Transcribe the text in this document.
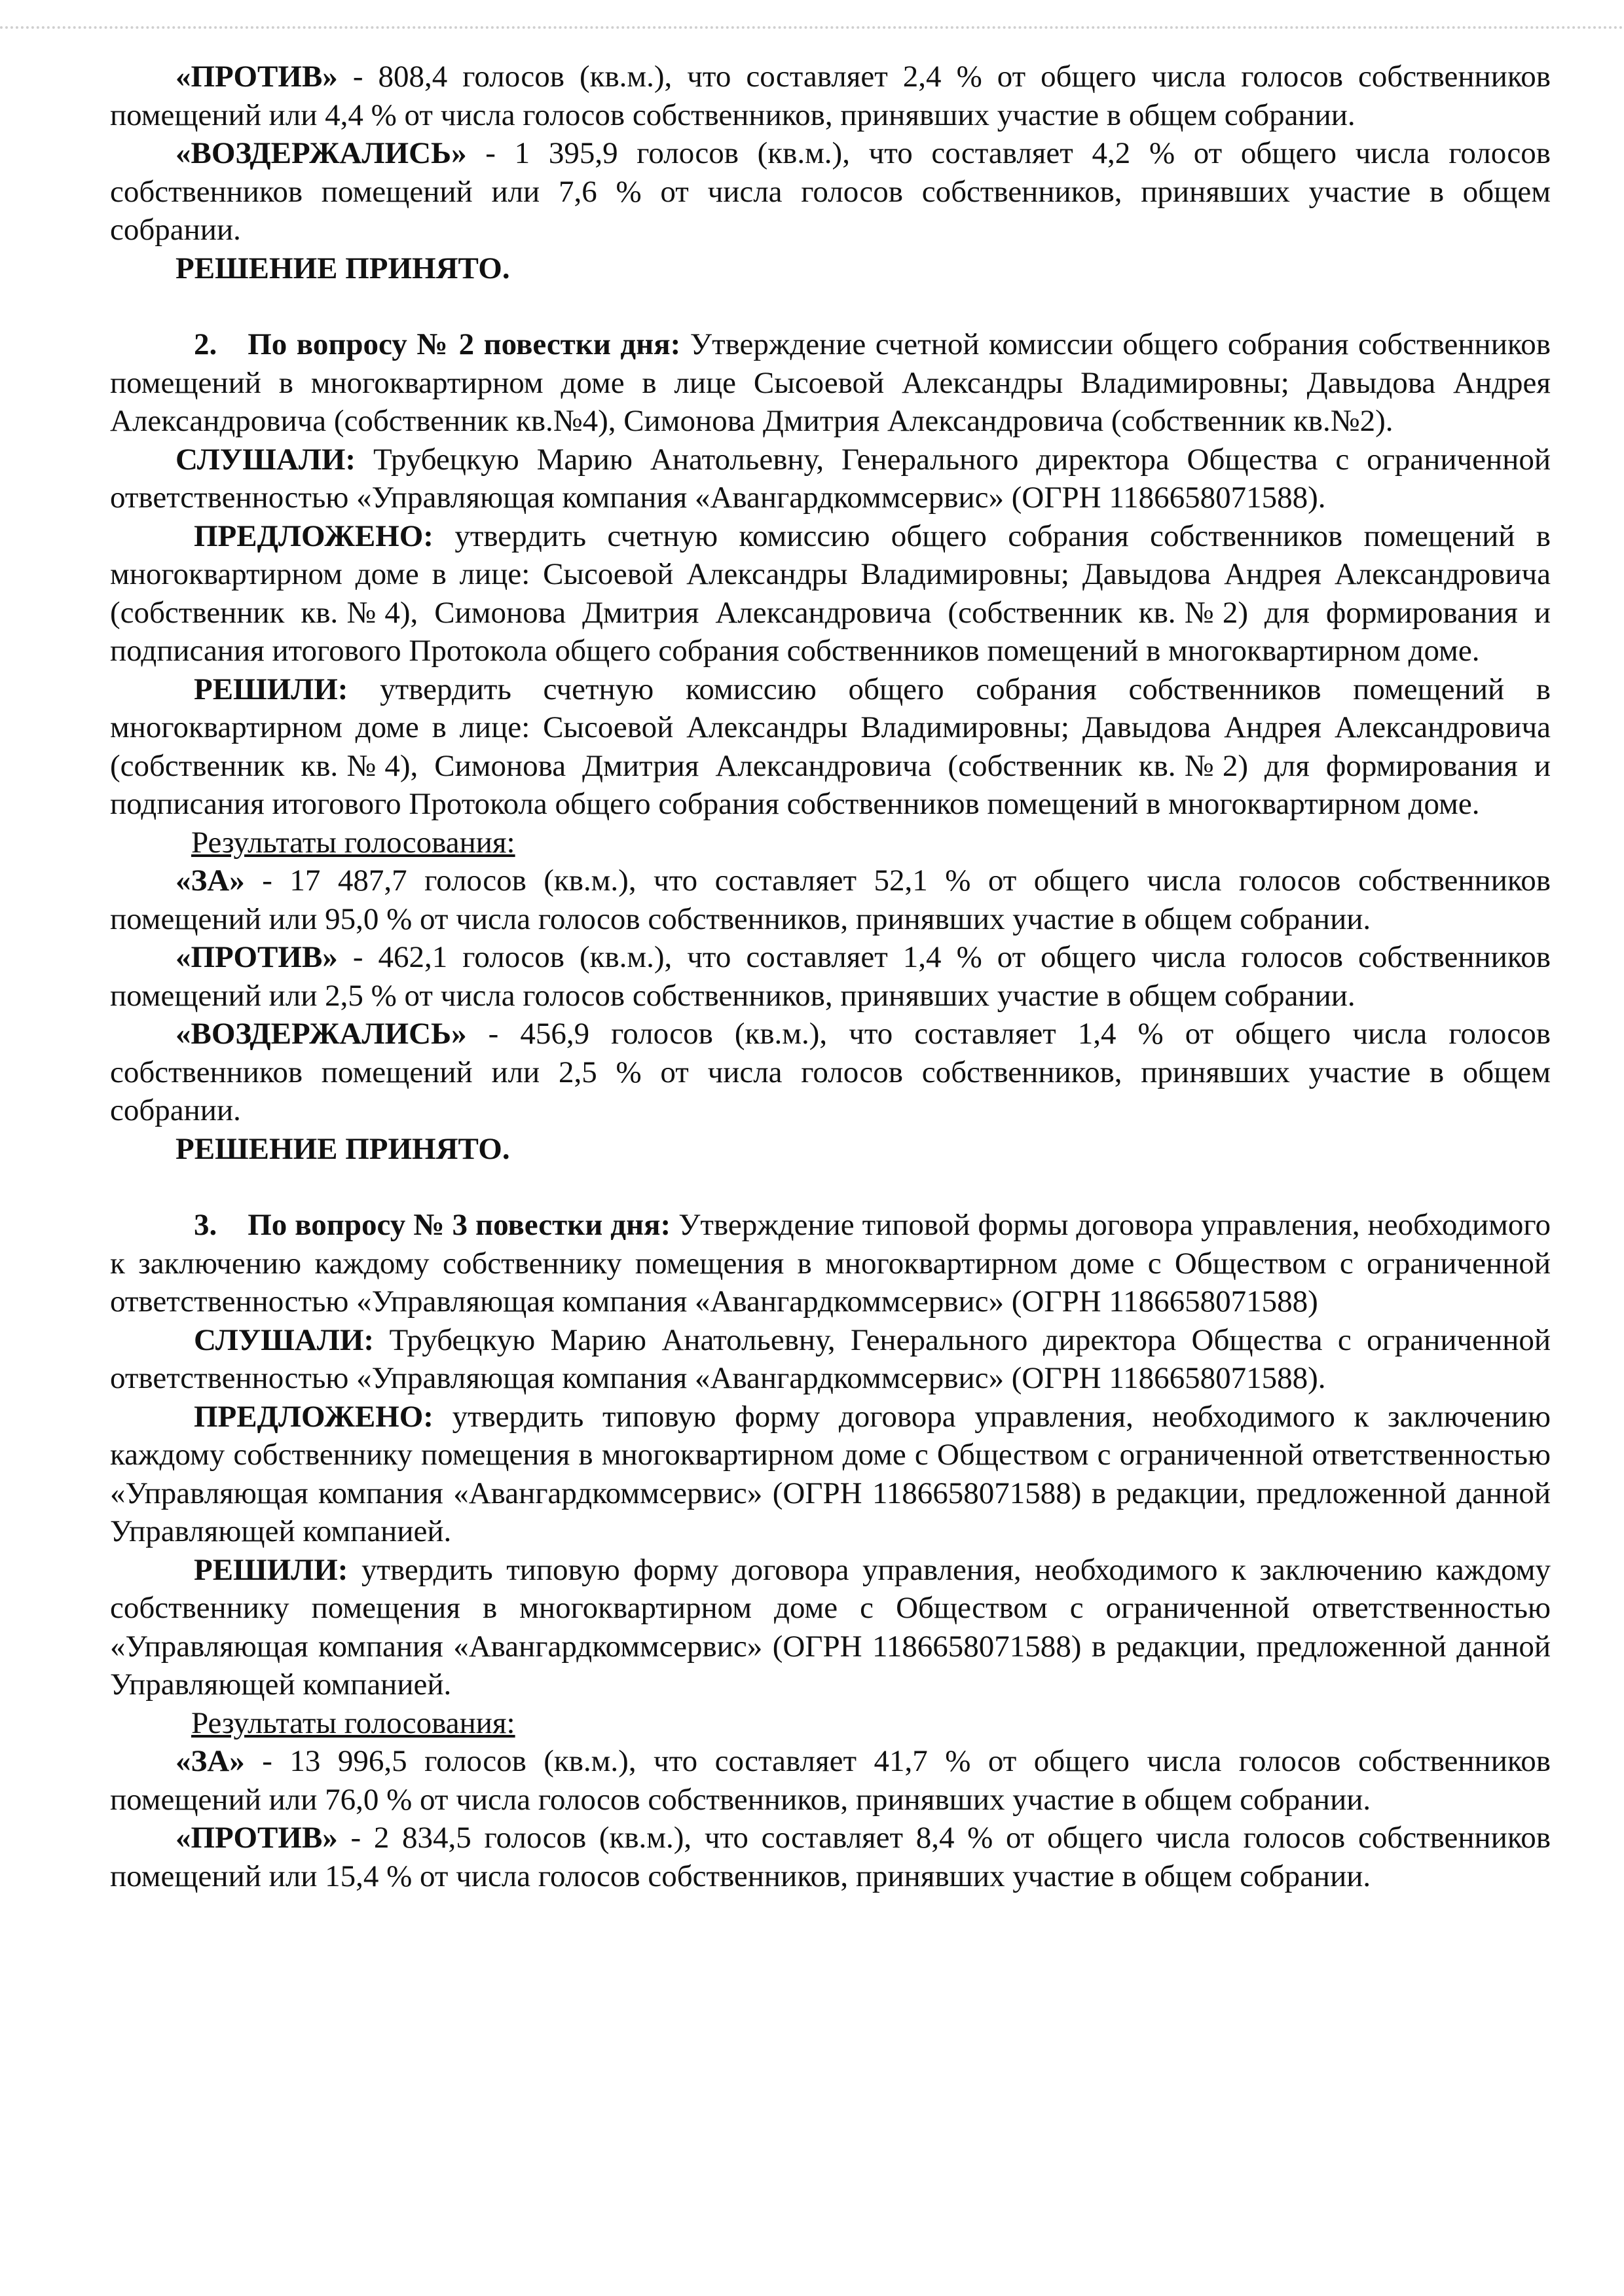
«ПРОТИВ» - 808,4 голосов (кв.м.), что составляет 2,4 % от общего числа голосов собственников помещений или 4,4 % от числа голосов собственников, принявших участие в общем собрании.

«ВОЗДЕРЖАЛИСЬ» - 1 395,9 голосов (кв.м.), что составляет 4,2 % от общего числа голосов собственников помещений или 7,6 % от числа голосов собственников, принявших участие в общем собрании.

РЕШЕНИЕ ПРИНЯТО.

2. По вопросу № 2 повестки дня: Утверждение счетной комиссии общего собрания собственников помещений в многоквартирном доме в лице Сысоевой Александры Владимировны; Давыдова Андрея Александровича (собственник кв.№4), Симонова Дмитрия Александровича (собственник кв.№2).

СЛУШАЛИ: Трубецкую Марию Анатольевну, Генерального директора Общества с ограниченной ответственностью «Управляющая компания «Авангардкоммсервис» (ОГРН 1186658071588).

ПРЕДЛОЖЕНО: утвердить счетную комиссию общего собрания собственников помещений в многоквартирном доме в лице: Сысоевой Александры Владимировны; Давыдова Андрея Александровича (собственник кв.№4), Симонова Дмитрия Александровича (собственник кв.№2) для формирования и подписания итогового Протокола общего собрания собственников помещений в многоквартирном доме.

РЕШИЛИ: утвердить счетную комиссию общего собрания собственников помещений в многоквартирном доме в лице: Сысоевой Александры Владимировны; Давыдова Андрея Александровича (собственник кв.№4), Симонова Дмитрия Александровича (собственник кв.№2) для формирования и подписания итогового Протокола общего собрания собственников помещений в многоквартирном доме.

Результаты голосования:

«ЗА» - 17 487,7 голосов (кв.м.), что составляет 52,1 % от общего числа голосов собственников помещений или 95,0 % от числа голосов собственников, принявших участие в общем собрании.

«ПРОТИВ» - 462,1 голосов (кв.м.), что составляет 1,4 % от общего числа голосов собственников помещений или 2,5 % от числа голосов собственников, принявших участие в общем собрании.

«ВОЗДЕРЖАЛИСЬ» - 456,9 голосов (кв.м.), что составляет 1,4 % от общего числа голосов собственников помещений или 2,5 % от числа голосов собственников, принявших участие в общем собрании.

РЕШЕНИЕ ПРИНЯТО.

3. По вопросу № 3 повестки дня: Утверждение типовой формы договора управления, необходимого к заключению каждому собственнику помещения в многоквартирном доме с Обществом с ограниченной ответственностью «Управляющая компания «Авангардкоммсервис» (ОГРН 1186658071588)

СЛУШАЛИ: Трубецкую Марию Анатольевну, Генерального директора Общества с ограниченной ответственностью «Управляющая компания «Авангардкоммсервис» (ОГРН 1186658071588).

ПРЕДЛОЖЕНО: утвердить типовую форму договора управления, необходимого к заключению каждому собственнику помещения в многоквартирном доме с Обществом с ограниченной ответственностью «Управляющая компания «Авангардкоммсервис» (ОГРН 1186658071588) в редакции, предложенной данной Управляющей компанией.

РЕШИЛИ: утвердить типовую форму договора управления, необходимого к заключению каждому собственнику помещения в многоквартирном доме с Обществом с ограниченной ответственностью «Управляющая компания «Авангардкоммсервис» (ОГРН 1186658071588) в редакции, предложенной данной Управляющей компанией.

Результаты голосования:

«ЗА» - 13 996,5 голосов (кв.м.), что составляет 41,7 % от общего числа голосов собственников помещений или 76,0 % от числа голосов собственников, принявших участие в общем собрании.

«ПРОТИВ» - 2 834,5 голосов (кв.м.), что составляет 8,4 % от общего числа голосов собственников помещений или 15,4 % от числа голосов собственников, принявших участие в общем собрании.
